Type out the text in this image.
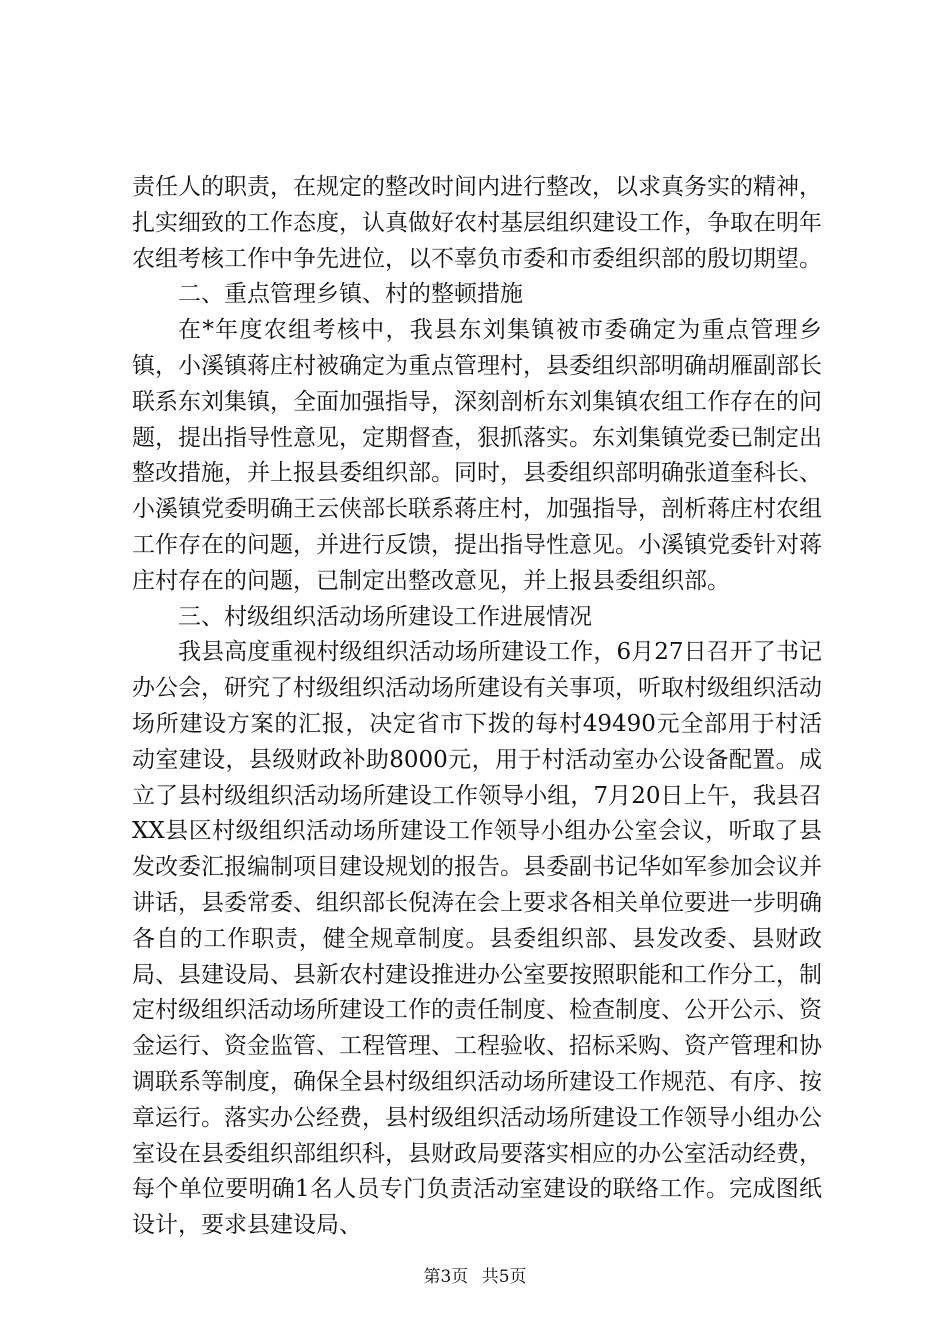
责任人的职责，在规定的整改时间内进行整改，以求真务实的精神，扎实细致的工作态度，认真做好农村基层组织建设工作，争取在明年农组考核工作中争先进位，以不辜负市委和市委组织部的殷切期望。

二、重点管理乡镇、村的整顿措施

在*年度农组考核中，我县东刘集镇被市委确定为重点管理乡镇，小溪镇蒋庄村被确定为重点管理村，县委组织部明确胡雁副部长联系东刘集镇，全面加强指导，深刻剖析东刘集镇农组工作存在的问题，提出指导性意见，定期督查，狠抓落实。东刘集镇党委已制定出整改措施，并上报县委组织部。同时，县委组织部明确张道奎科长、小溪镇党委明确王云侠部长联系蒋庄村，加强指导，剖析蒋庄村农组工作存在的问题，并进行反馈，提出指导性意见。小溪镇党委针对蒋庄村存在的问题，已制定出整改意见，并上报县委组织部。

三、村级组织活动场所建设工作进展情况

我县高度重视村级组织活动场所建设工作，6月27日召开了书记办公会，研究了村级组织活动场所建设有关事项，听取村级组织活动场所建设方案的汇报，决定省市下拨的每村49490元全部用于村活动室建设，县级财政补助8000元，用于村活动室办公设备配置。成立了县村级组织活动场所建设工作领导小组，7月20日上午，我县召XX县区村级组织活动场所建设工作领导小组办公室会议，听取了县发改委汇报编制项目建设规划的报告。县委副书记华如军参加会议并讲话，县委常委、组织部长倪涛在会上要求各相关单位要进一步明确各自的工作职责，健全规章制度。县委组织部、县发改委、县财政局、县建设局、县新农村建设推进办公室要按照职能和工作分工，制定村级组织活动场所建设工作的责任制度、检查制度、公开公示、资金运行、资金监管、工程管理、工程验收、招标采购、资产管理和协调联系等制度，确保全县村级组织活动场所建设工作规范、有序、按章运行。落实办公经费，县村级组织活动场所建设工作领导小组办公室设在县委组织部组织科，县财政局要落实相应的办公室活动经费，每个单位要明确1名人员专门负责活动室建设的联络工作。完成图纸设计，要求县建设局、

第3页 共5页
